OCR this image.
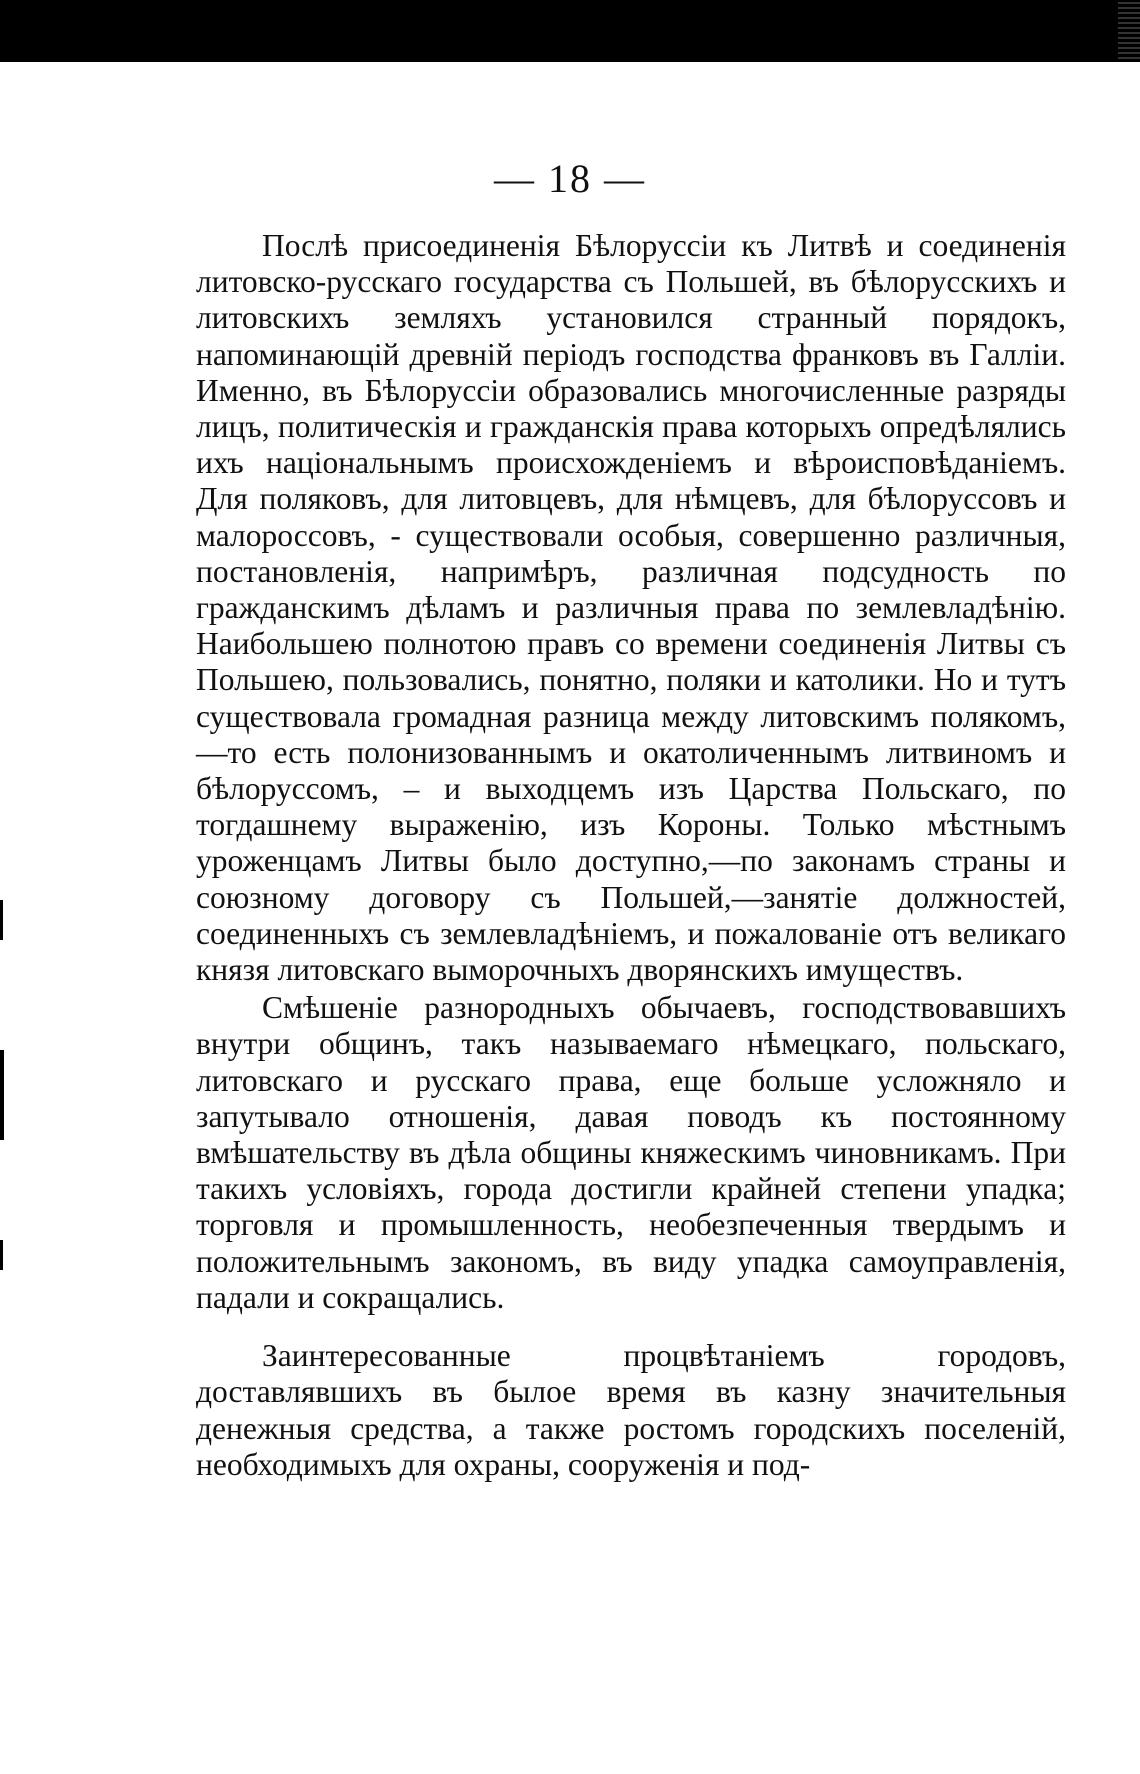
— 18 —

Послѣ присоединенія Бѣлоруссіи къ Литвѣ и соединенія литовско-русскаго государства съ Польшей, въ бѣлорусскихъ и литовскихъ земляхъ установился странный порядокъ, напоминающій древній періодъ господства франковъ въ Галліи. Именно, въ Бѣлоруссіи образовались многочисленные разряды лицъ, политическія и гражданскія права которыхъ опредѣлялись ихъ національнымъ происхожденіемъ и вѣроисповѣданіемъ. Для поляковъ, для литовцевъ, для нѣмцевъ, для бѣлоруссовъ и малороссовъ, - существовали особыя, совершенно различныя, постановленія, напримѣръ, различная подсудность по гражданскимъ дѣламъ и различныя права по землевладѣнію. Наибольшею полнотою правъ со времени соединенія Литвы съ Польшею, пользовались, понятно, поляки и католики. Но и тутъ существовала громадная разница между литовскимъ полякомъ,—то есть полонизованнымъ и окатоличеннымъ литвиномъ и бѣлоруссомъ, – и выходцемъ изъ Царства Польскаго, по тогдашнему выраженію, изъ Короны. Только мѣстнымъ уроженцамъ Литвы было доступно,—по законамъ страны и союзному договору съ Польшей,—занятіе должностей, соединенныхъ съ землевладѣніемъ, и пожалованіе отъ великаго князя литовскаго выморочныхъ дворянскихъ имуществъ.

Смѣшеніе разнородныхъ обычаевъ, господствовавшихъ внутри общинъ, такъ называемаго нѣмецкаго, польскаго, литовскаго и русскаго права, еще больше усложняло и запутывало отношенія, давая поводъ къ постоянному вмѣшательству въ дѣла общины княжескимъ чиновникамъ. При такихъ условіяхъ, города достигли крайней степени упадка; торговля и промышленность, необезпеченныя твердымъ и положительнымъ закономъ, въ виду упадка самоуправленія, падали и сокращались.

Заинтересованные процвѣтаніемъ городовъ, доставлявшихъ въ былое время въ казну значительныя денежныя средства, а также ростомъ городскихъ поселеній, необходимыхъ для охраны, сооруженія и под-
